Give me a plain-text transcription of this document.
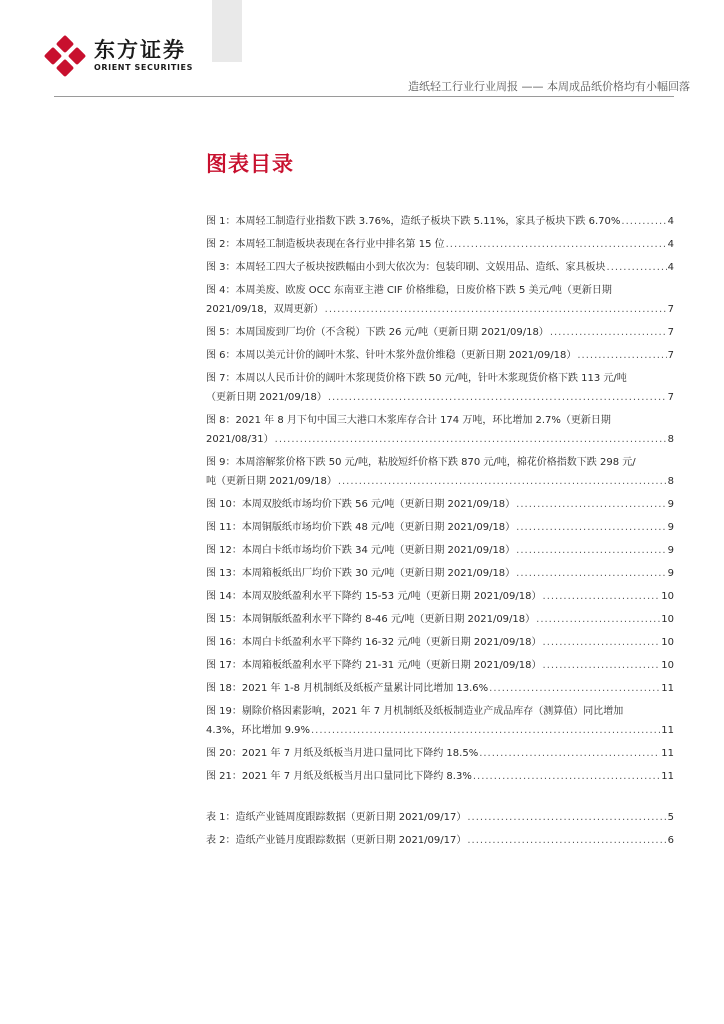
东方证券
ORIENT SECURITIES
造纸轻工行业行业周报 —— 本周成品纸价格均有小幅回落
图表目录
图 1：本周轻工制造行业指数下跌 3.76%，造纸子板块下跌 5.11%，家具子板块下跌 6.70% .....	4
图 2：本周轻工制造板块表现在各行业中排名第 15 位 .....	4
图 3：本周轻工四大子板块按跌幅由小到大依次为：包装印刷、文娱用品、造纸、家具板块 .....	4
图 4：本周美废、欧废 OCC 东南亚主港 CIF 价格维稳，日废价格下跌 5 美元/吨（更新日期
2021/09/18，双周更新） .....	7
图 5：本周国废到厂均价（不含税）下跌 26 元/吨（更新日期 2021/09/18） .....	7
图 6：本周以美元计价的阔叶木浆、针叶木浆外盘价维稳（更新日期 2021/09/18） .....	7
图 7：本周以人民币计价的阔叶木浆现货价格下跌 50 元/吨，针叶木浆现货价格下跌 113 元/吨
（更新日期 2021/09/18） .....	7
图 8：2021 年 8 月下旬中国三大港口木浆库存合计 174 万吨，环比增加 2.7%（更新日期
2021/08/31） .....	8
图 9：本周溶解浆价格下跌 50 元/吨，粘胶短纤价格下跌 870 元/吨，棉花价格指数下跌 298 元/
吨（更新日期 2021/09/18） .....	8
图 10：本周双胶纸市场均价下跌 56 元/吨（更新日期 2021/09/18） .....	9
图 11：本周铜版纸市场均价下跌 48 元/吨（更新日期 2021/09/18） .....	9
图 12：本周白卡纸市场均价下跌 34 元/吨（更新日期 2021/09/18） .....	9
图 13：本周箱板纸出厂均价下跌 30 元/吨（更新日期 2021/09/18） .....	9
图 14：本周双胶纸盈利水平下降约 15-53 元/吨（更新日期 2021/09/18） .....	10
图 15：本周铜版纸盈利水平下降约 8-46 元/吨（更新日期 2021/09/18） .....	10
图 16：本周白卡纸盈利水平下降约 16-32 元/吨（更新日期 2021/09/18） .....	10
图 17：本周箱板纸盈利水平下降约 21-31 元/吨（更新日期 2021/09/18） .....	10
图 18：2021 年 1-8 月机制纸及纸板产量累计同比增加 13.6% .....	11
图 19：剔除价格因素影响，2021 年 7 月机制纸及纸板制造业产成品库存（测算值）同比增加
4.3%，环比增加 9.9% .....	11
图 20：2021 年 7 月纸及纸板当月进口量同比下降约 18.5% .....	11
图 21：2021 年 7 月纸及纸板当月出口量同比下降约 8.3% .....	11
表 1：造纸产业链周度跟踪数据（更新日期 2021/09/17） .....	5
表 2：造纸产业链月度跟踪数据（更新日期 2021/09/17） .....	6
